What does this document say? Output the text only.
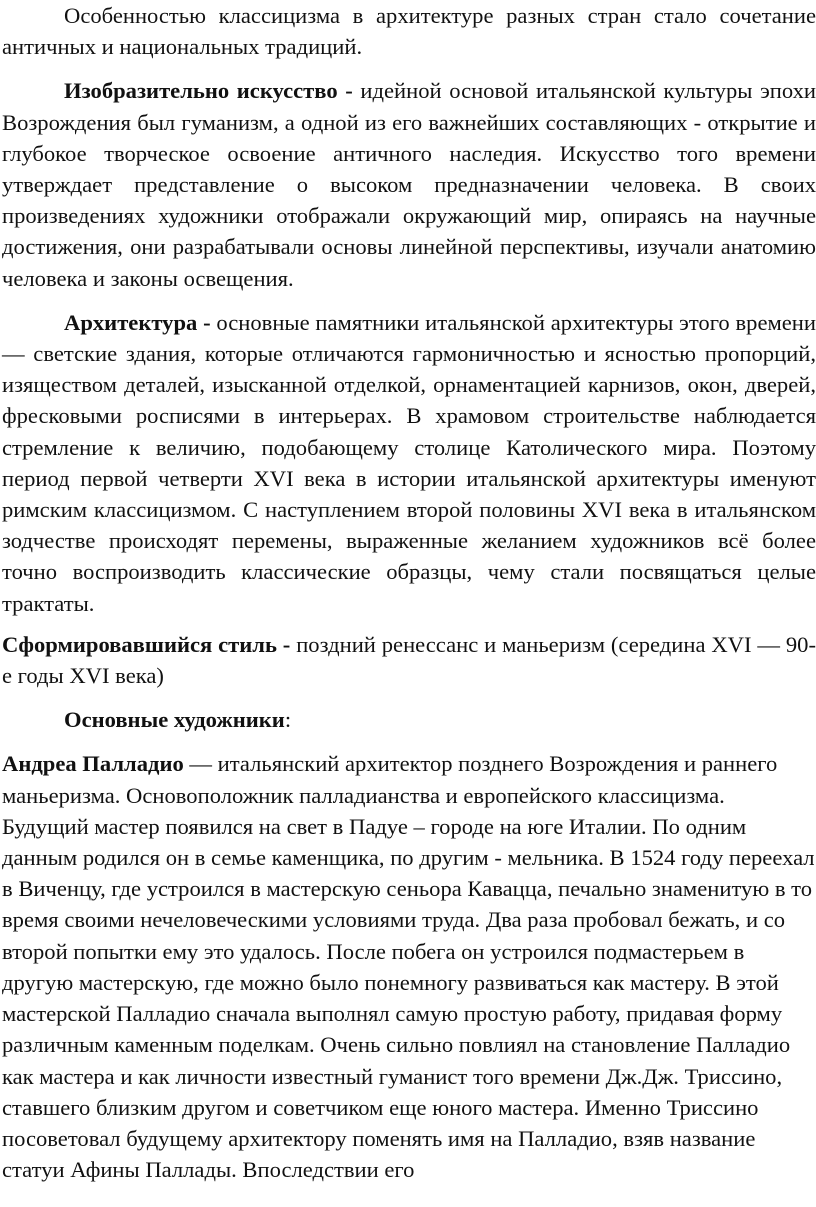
Особенностью классицизма в архитектуре разных стран стало сочетание античных и национальных традиций.

Изобразительно искусство - идейной основой итальянской культуры эпохи Возрождения был гуманизм, а одной из его важнейших составляющих - открытие и глубокое творческое освоение античного наследия. Искусство того времени утверждает представление о высоком предназначении человека. В своих произведениях художники отображали окружающий мир, опираясь на научные достижения, они разрабатывали основы линейной перспективы, изучали анатомию человека и законы освещения.

Архитектура - основные памятники итальянской архитектуры этого времени — светские здания, которые отличаются гармоничностью и ясностью пропорций, изяществом деталей, изысканной отделкой, орнаментацией карнизов, окон, дверей, фресковыми росписями в интерьерах. В храмовом строительстве наблюдается стремление к величию, подобающему столице Католического мира. Поэтому период первой четверти XVI века в истории итальянской архитектуры именуют римским классицизмом. С наступлением второй половины XVI века в итальянском зодчестве происходят перемены, выраженные желанием художников всё более точно воспроизводить классические образцы, чему стали посвящаться целые трактаты.

Сформировавшийся стиль - поздний ренессанс и маньеризм (середина XVI — 90-е годы XVI века)

Основные художники:

Андреа Палладио — итальянский архитектор позднего Возрождения и раннего маньеризма. Основоположник палладианства и европейского классицизма. Будущий мастер появился на свет в Падуе – городе на юге Италии. По одним данным родился он в семье каменщика, по другим - мельника. В 1524 году переехал в Виченцу, где устроился в мастерскую сеньора Кавацца, печально знаменитую в то время своими нечеловеческими условиями труда. Два раза пробовал бежать, и со второй попытки ему это удалось. После побега он устроился подмастерьем в другую мастерскую, где можно было понемногу развиваться как мастеру. В этой мастерской Палладио сначала выполнял самую простую работу, придавая форму различным каменным поделкам. Очень сильно повлиял на становление Палладио как мастера и как личности известный гуманист того времени Дж.Дж. Триссино, ставшего близким другом и советчиком еще юного мастера. Именно Триссино посоветовал будущему архитектору поменять имя на Палладио, взяв название статуи Афины Паллады. Впоследствии его
